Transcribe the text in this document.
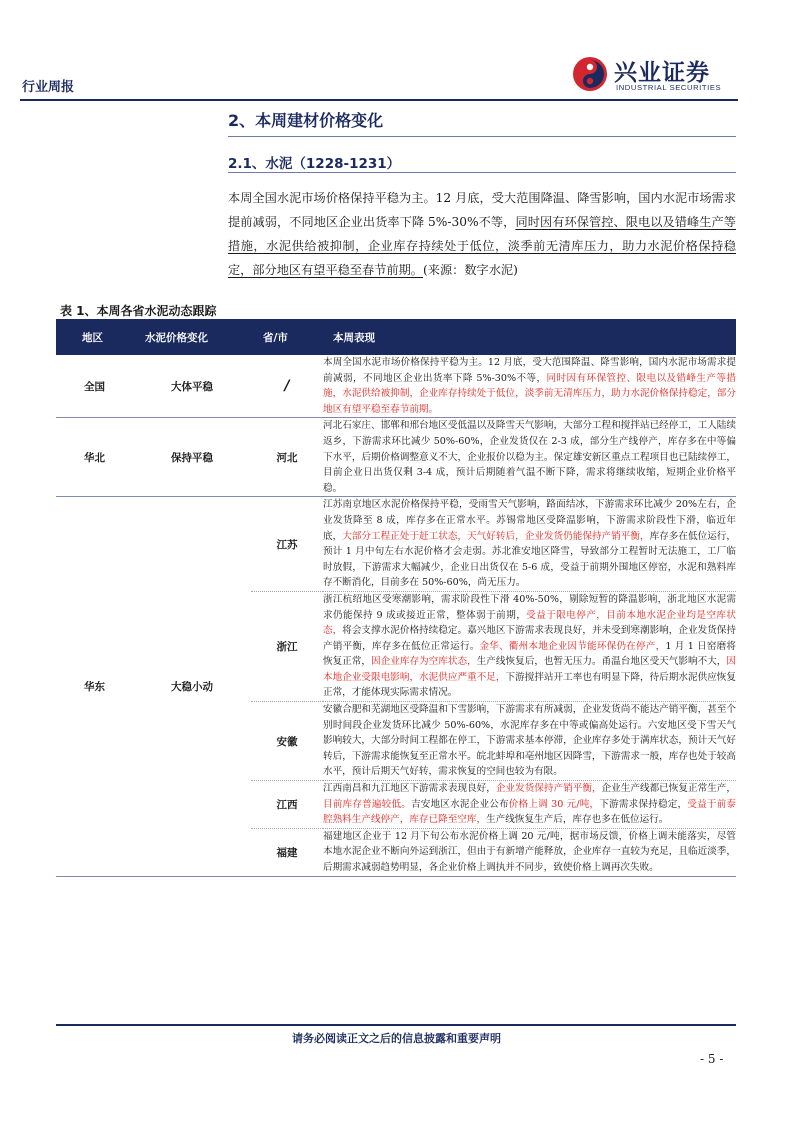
行业周报
兴业证券
INDUSTRIAL SECURITIES
2、本周建材价格变化
2.1、水泥（1228-1231）
本周全国水泥市场价格保持平稳为主。12 月底，受大范围降温、降雪影响，国内水泥市场需求提前减弱，不同地区企业出货率下降 5%-30%不等，同时因有环保管控、限电以及错峰生产等措施，水泥供给被抑制，企业库存持续处于低位，淡季前无清库压力，助力水泥价格保持稳定，部分地区有望平稳至春节前期。(来源：数字水泥)
表 1、本周各省水泥动态跟踪
地区	水泥价格变化	省/市	本周表现
全国	大体平稳	/	本周全国水泥市场价格保持平稳为主。12 月底，受大范围降温、降雪影响，国内水泥市场需求提前减弱，不同地区企业出货率下降 5%-30%不等，同时因有环保管控、限电以及错峰生产等措施，水泥供给被抑制，企业库存持续处于低位，淡季前无清库压力，助力水泥价格保持稳定，部分地区有望平稳至春节前期。
华北	保持平稳	河北	河北石家庄、邯郸和邢台地区受低温以及降雪天气影响，大部分工程和搅拌站已经停工，工人陆续返乡，下游需求环比减少 50%-60%，企业发货仅在 2-3 成，部分生产线停产，库存多在中等偏下水平，后期价格调整意义不大，企业报价以稳为主。保定雄安新区重点工程项目也已陆续停工，目前企业日出货仅剩 3-4 成，预计后期随着气温不断下降，需求将继续收缩，短期企业价格平稳。
华东	大稳小动	江苏	江苏南京地区水泥价格保持平稳，受雨雪天气影响，路面结冰，下游需求环比减少 20%左右，企业发货降至 8 成，库存多在正常水平。苏锡常地区受降温影响，下游需求阶段性下滑，临近年底，大部分工程正处于赶工状态，天气好转后，企业发货仍能保持产销平衡，库存多在低位运行，预计 1 月中旬左右水泥价格才会走弱。苏北淮安地区降雪，导致部分工程暂时无法施工，工厂临时放假，下游需求大幅减少，企业日出货仅在 5-6 成，受益于前期外围地区停窑，水泥和熟料库存不断消化，目前多在 50%-60%，尚无压力。
		浙江	浙江杭绍地区受寒潮影响，需求阶段性下滑 40%-50%，剔除短暂的降温影响，浙北地区水泥需求仍能保持 9 成或接近正常，整体弱于前期，受益于限电停产，目前本地水泥企业均是空库状态，将会支撑水泥价格持续稳定。嘉兴地区下游需求表现良好，并未受到寒潮影响，企业发货保持产销平衡，库存多在低位正常运行。金华、衢州本地企业因节能环保仍在停产，1 月 1 日窑磨将恢复正常，因企业库存为空库状态，生产线恢复后，也暂无压力。甬温台地区受天气影响不大，因本地企业受限电影响，水泥供应严重不足，下游搅拌站开工率也有明显下降，待后期水泥供应恢复正常，才能体现实际需求情况。
		安徽	安徽合肥和芜湖地区受降温和下雪影响，下游需求有所减弱，企业发货尚不能达产销平衡，甚至个别时间段企业发货环比减少 50%-60%，水泥库存多在中等或偏高处运行。六安地区受下雪天气影响较大，大部分时间工程都在停工，下游需求基本停滞，企业库存多处于满库状态，预计天气好转后，下游需求能恢复至正常水平。皖北蚌埠和亳州地区因降雪，下游需求一般，库存也处于较高水平，预计后期天气好转，需求恢复的空间也较为有限。
		江西	江西南昌和九江地区下游需求表现良好，企业发货保持产销平衡，企业生产线都已恢复正常生产，目前库存普遍较低。吉安地区水泥企业公布价格上调 30 元/吨，下游需求保持稳定，受益于前泰腔熟料生产线停产，库存已降至空库，生产线恢复生产后，库存也多在低位运行。
		福建	福建地区企业于 12 月下旬公布水泥价格上调 20 元/吨，据市场反馈，价格上调未能落实，尽管本地水泥企业不断向外运到浙江，但由于有新增产能释放，企业库存一直较为充足，且临近淡季，后期需求减弱趋势明显，各企业价格上调执并不同步，致使价格上调再次失败。
请务必阅读正文之后的信息披露和重要声明
- 5 -
